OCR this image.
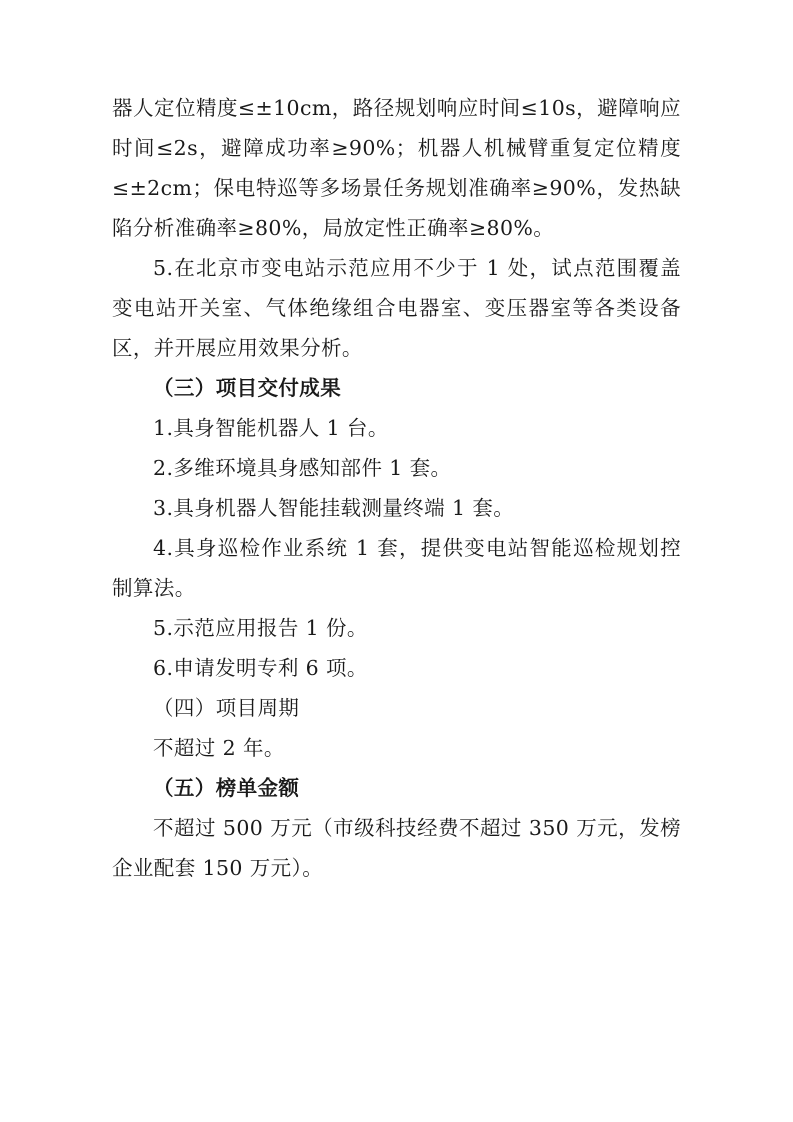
器人定位精度≤±10cm，路径规划响应时间≤10s，避障响应时间≤2s，避障成功率≥90%；机器人机械臂重复定位精度≤±2cm；保电特巡等多场景任务规划准确率≥90%，发热缺陷分析准确率≥80%，局放定性正确率≥80%。

5.在北京市变电站示范应用不少于 1 处，试点范围覆盖变电站开关室、气体绝缘组合电器室、变压器室等各类设备区，并开展应用效果分析。

（三）项目交付成果

1.具身智能机器人 1 台。

2.多维环境具身感知部件 1 套。

3.具身机器人智能挂载测量终端 1 套。

4.具身巡检作业系统 1 套，提供变电站智能巡检规划控制算法。

5.示范应用报告 1 份。

6.申请发明专利 6 项。

（四）项目周期

不超过 2 年。

（五）榜单金额

不超过 500 万元（市级科技经费不超过 350 万元，发榜企业配套 150 万元）。
